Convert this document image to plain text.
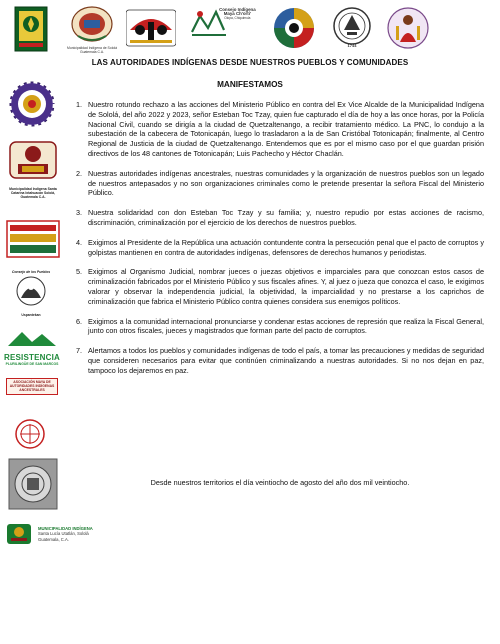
Municipalidad Indígena de Sololá Guatemala C.A.
Consejo Indígena
Maya Ch'orti'
Olopa, Chiquimula
1744
LAS AUTORIDADES INDÍGENAS DESDE NUESTROS PUEBLOS Y COMUNIDADES
MANIFESTAMOS
Municipalidad Indígena Santa Catarina Ixtahuacán Sololá, Guatemala C.A.
Consejo de los Pueblos
Uspantekan
RESISTENCIA
PLURILINGÜE DE SAN MARCOS
ASOCIACIÓN MAYA DE AUTORIDADES INDÍGENAS ANCESTRALES
1. Nuestro rotundo rechazo a las acciones del Ministerio Público en contra del Ex Vice Alcalde de la Municipalidad Indígena de Sololá, del año 2022 y 2023, señor Esteban Toc Tzay, quien fue capturado el día de hoy a las once horas, por la Policía Nacional Civil, cuando se dirigía a la ciudad de Quetzaltenango, a recibir tratamiento médico. La PNC, lo condujo a la subestación de la cabecera de Totonicapán, luego lo trasladaron a la de San Cristóbal Totonicapán; finalmente, al Centro Regional de Justicia de la ciudad de Quetzaltenango. Entendemos que es por el mismo caso por el que guardan prisión directivos de los 48 cantones de Totonicapán; Luis Pachecho y Héctor Chaclán.
2. Nuestras autoridades indígenas ancestrales, nuestras comunidades y la organización de nuestros pueblos son un legado de nuestros antepasados y no son organizaciones criminales como le pretende presentar la señora Fiscal del Ministerio Público.
3. Nuestra solidaridad con don Esteban Toc Tzay y su familia; y, nuestro repudio por estas acciones de racismo, discriminación, criminalización por el ejercicio de los derechos de nuestros pueblos.
4. Exigimos al Presidente de la República una actuación contundente contra la persecución penal que el pacto de corruptos y golpistas mantienen en contra de autoridades indígenas, defensores de derechos humanos y periodistas.
5. Exigimos al Organismo Judicial, nombrar jueces o juezas objetivos e imparciales para que conozcan estos casos de criminalización fabricados por el Ministerio Público y sus fiscales afines. Y, al juez o jueza que conozca el caso, le exigimos valorar y observar la independencia judicial, la objetividad, la imparcialidad y no prestarse a los caprichos de criminalización que fabrica el Ministerio Público contra quienes considera sus enemigos políticos.
6. Exigimos a la comunidad internacional pronunciarse y condenar estas acciones de represión que realiza la Fiscal General, junto con otros fiscales, jueces y magistrados que forman parte del pacto de corruptos.
7. Alertamos a todos los pueblos y comunidades indígenas de todo el país, a tomar las precauciones y medidas de seguridad que consideren necesarios para evitar que continúen criminalizando a nuestras autoridades. Si no nos dejan en paz, tampoco los dejaremos en paz.
Desde nuestros territorios el día veintiocho de agosto del año dos mil veintiocho.
MUNICIPALIDAD INDÍGENA
Santa Lucía Utatlán, Sololá
Guatemala, C.A.
